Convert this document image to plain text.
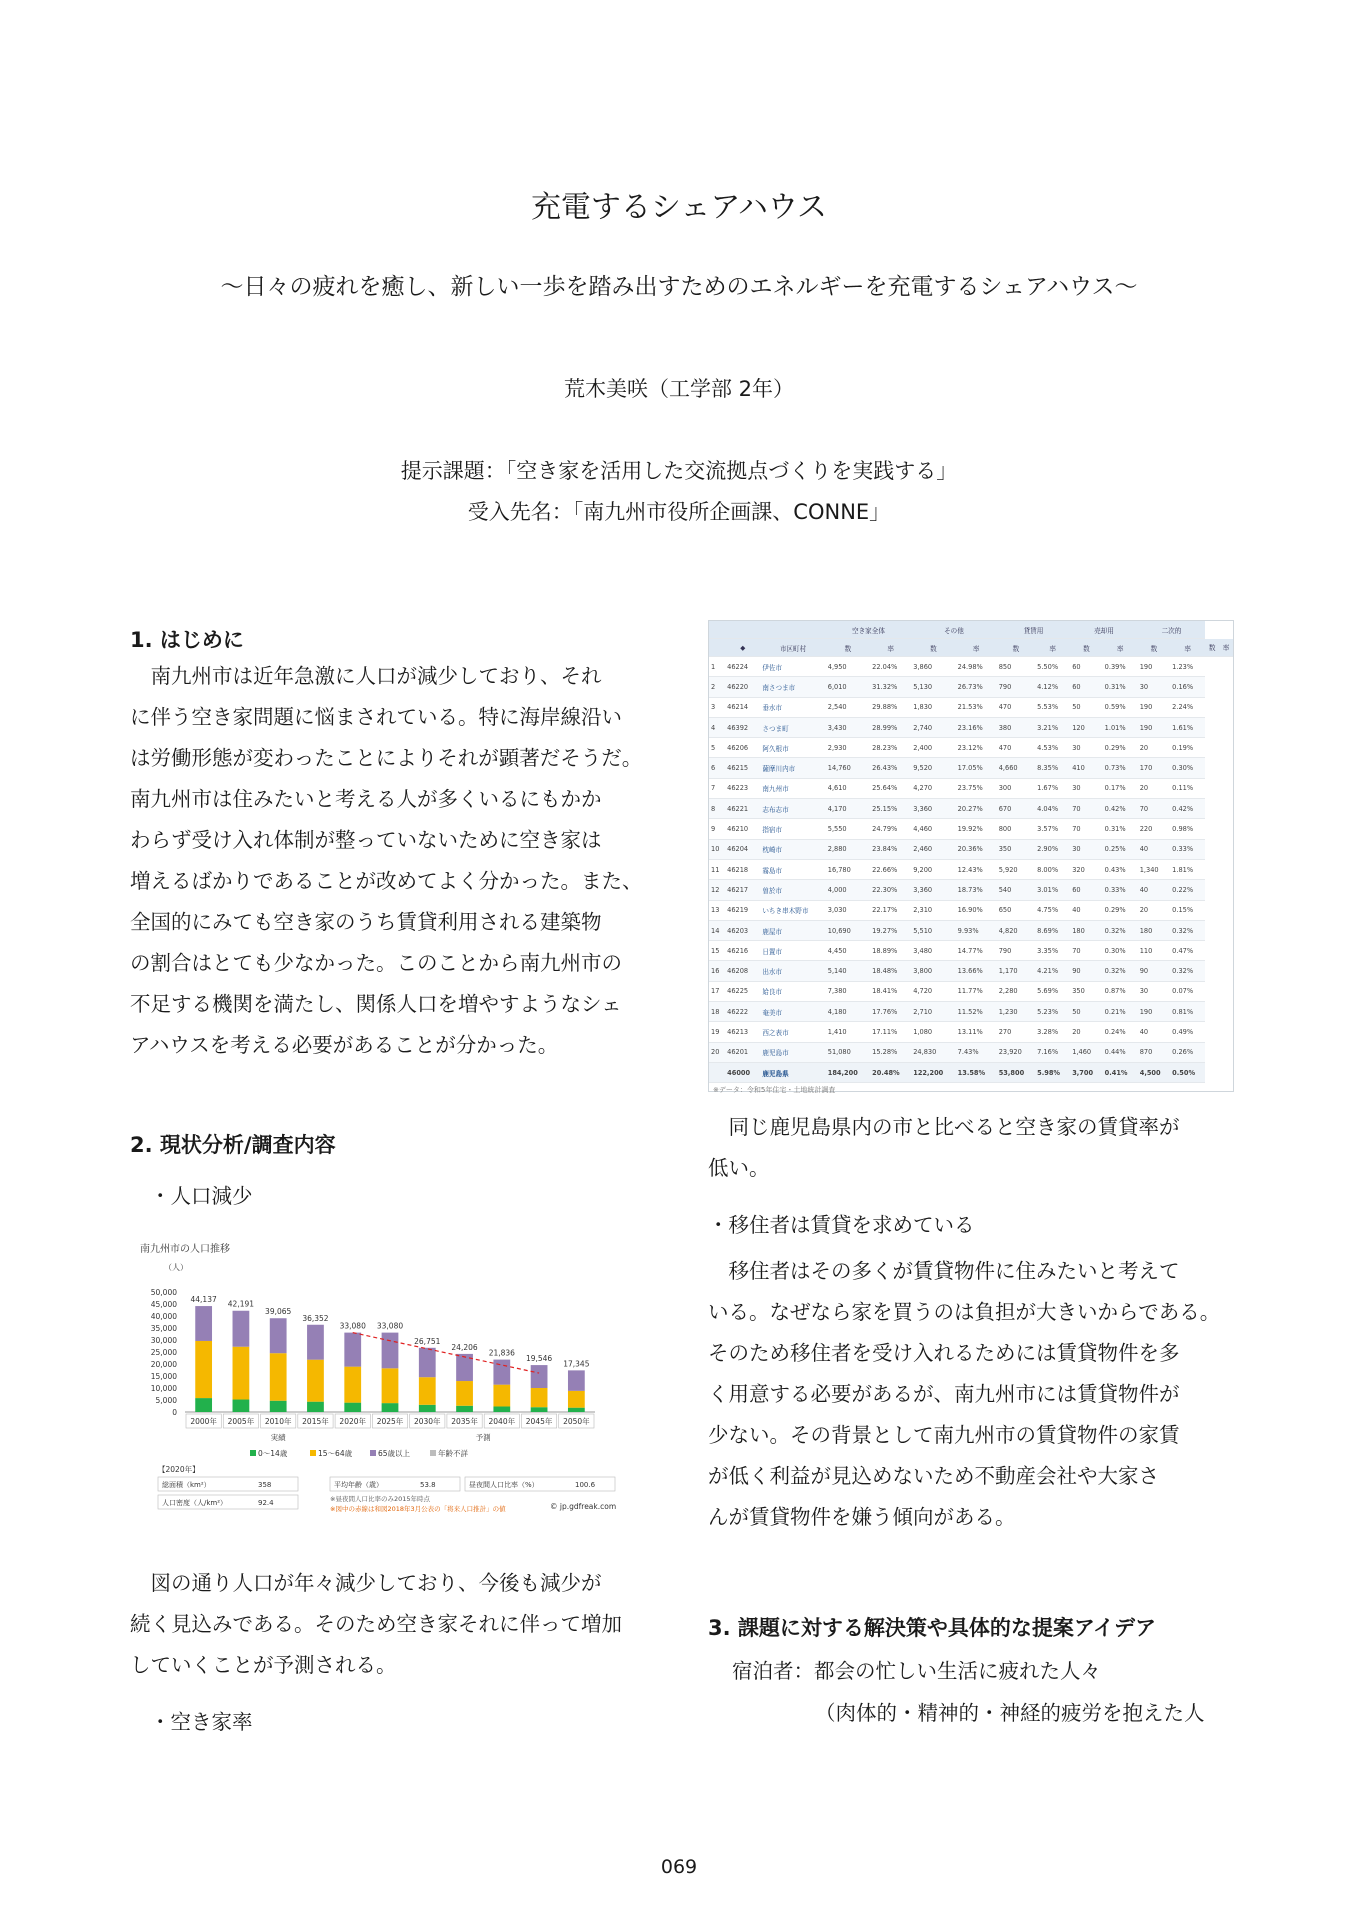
充電するシェアハウス
～日々の疲れを癒し、新しい一歩を踏み出すためのエネルギーを充電するシェアハウス～
荒木美咲（工学部 2年）
提示課題：「空き家を活用した交流拠点づくりを実践する」
受入先名：「南九州市役所企画課、CONNE」
1. はじめに

　南九州市は近年急激に人口が減少しており、それ

に伴う空き家問題に悩まされている。特に海岸線沿い

は労働形態が変わったことによりそれが顕著だそうだ。

南九州市は住みたいと考える人が多くいるにもかか

わらず受け入れ体制が整っていないために空き家は

増えるばかりであることが改めてよく分かった。また、

全国的にみても空き家のうち賃貸利用される建築物

の割合はとても少なかった。このことから南九州市の

不足する機関を満たし、関係人口を増やすようなシェ

アハウスを考える必要があることが分かった。

2. 現状分析/調査内容
・人口減少
南九州市の人口推移
（人）
50,000
45,000
40,000
35,000
30,000
25,000
20,000
15,000
10,000
5,000
0
44,137
2000年
42,191
2005年
39,065
2010年
36,352
2015年
33,080
2020年
33,080
2025年
26,751
2030年
24,206
2035年
21,836
2040年
19,546
2045年
17,345
2050年
実績	予測
0〜14歳	15〜64歳	65歳以上	年齢不詳
【2020年】
総面積（km²）	358	平均年齢（歳）	53.8	昼夜間人口比率（%）	100.6
人口密度（人/km²）	92.4	※昼夜間人口比率のみ2015年時点
※図中の赤線は和図2018年3月公表の「将来人口推計」の値	© jp.gdfreak.com

　図の通り人口が年々減少しており、今後も減少が

続く見込みである。そのため空き家それに伴って増加

していくことが予測される。

・空き家率
			空き家全体		その他		貸賃用		売却用		二次的			
	◆	市区町村	数	率	数	率	数	率	数	率	数	率	数	率
1	46224	伊佐市	4,950	22.04%	3,860	24.98%	850	5.50%	60	0.39%	190	1.23%		
2	46220	南さつま市	6,010	31.32%	5,130	26.73%	790	4.12%	60	0.31%	30	0.16%		
3	46214	垂水市	2,540	29.88%	1,830	21.53%	470	5.53%	50	0.59%	190	2.24%		
4	46392	さつま町	3,430	28.99%	2,740	23.16%	380	3.21%	120	1.01%	190	1.61%		
5	46206	阿久根市	2,930	28.23%	2,400	23.12%	470	4.53%	30	0.29%	20	0.19%		
6	46215	薩摩川内市	14,760	26.43%	9,520	17.05%	4,660	8.35%	410	0.73%	170	0.30%		
7	46223	南九州市	4,610	25.64%	4,270	23.75%	300	1.67%	30	0.17%	20	0.11%		
8	46221	志布志市	4,170	25.15%	3,360	20.27%	670	4.04%	70	0.42%	70	0.42%		
9	46210	指宿市	5,550	24.79%	4,460	19.92%	800	3.57%	70	0.31%	220	0.98%		
10	46204	枕崎市	2,880	23.84%	2,460	20.36%	350	2.90%	30	0.25%	40	0.33%		
11	46218	霧島市	16,780	22.66%	9,200	12.43%	5,920	8.00%	320	0.43%	1,340	1.81%		
12	46217	曽於市	4,000	22.30%	3,360	18.73%	540	3.01%	60	0.33%	40	0.22%		
13	46219	いちき串木野市	3,030	22.17%	2,310	16.90%	650	4.75%	40	0.29%	20	0.15%		
14	46203	鹿屋市	10,690	19.27%	5,510	9.93%	4,820	8.69%	180	0.32%	180	0.32%		
15	46216	日置市	4,450	18.89%	3,480	14.77%	790	3.35%	70	0.30%	110	0.47%		
16	46208	出水市	5,140	18.48%	3,800	13.66%	1,170	4.21%	90	0.32%	90	0.32%		
17	46225	姶良市	7,380	18.41%	4,720	11.77%	2,280	5.69%	350	0.87%	30	0.07%		
18	46222	奄美市	4,180	17.76%	2,710	11.52%	1,230	5.23%	50	0.21%	190	0.81%		
19	46213	西之表市	1,410	17.11%	1,080	13.11%	270	3.28%	20	0.24%	40	0.49%		
20	46201	鹿児島市	51,080	15.28%	24,830	7.43%	23,920	7.16%	1,460	0.44%	870	0.26%		
	46000	鹿児島県	184,200	20.48%	122,200	13.58%	53,800	5.98%	3,700	0.41%	4,500	0.50%		
※データ：令和5年住宅・土地統計調査

　同じ鹿児島県内の市と比べると空き家の賃貸率が

低い。

・移住者は賃貸を求めている

　移住者はその多くが賃貸物件に住みたいと考えて

いる。なぜなら家を買うのは負担が大きいからである。

そのため移住者を受け入れるためには賃貸物件を多

く用意する必要があるが、南九州市には賃貸物件が

少ない。その背景として南九州市の賃貸物件の家賃

が低く利益が見込めないため不動産会社や大家さ

んが賃貸物件を嫌う傾向がある。

3. 課題に対する解決策や具体的な提案アイデア
宿泊者：都会の忙しい生活に疲れた人々
（肉体的・精神的・神経的疲労を抱えた人
069
